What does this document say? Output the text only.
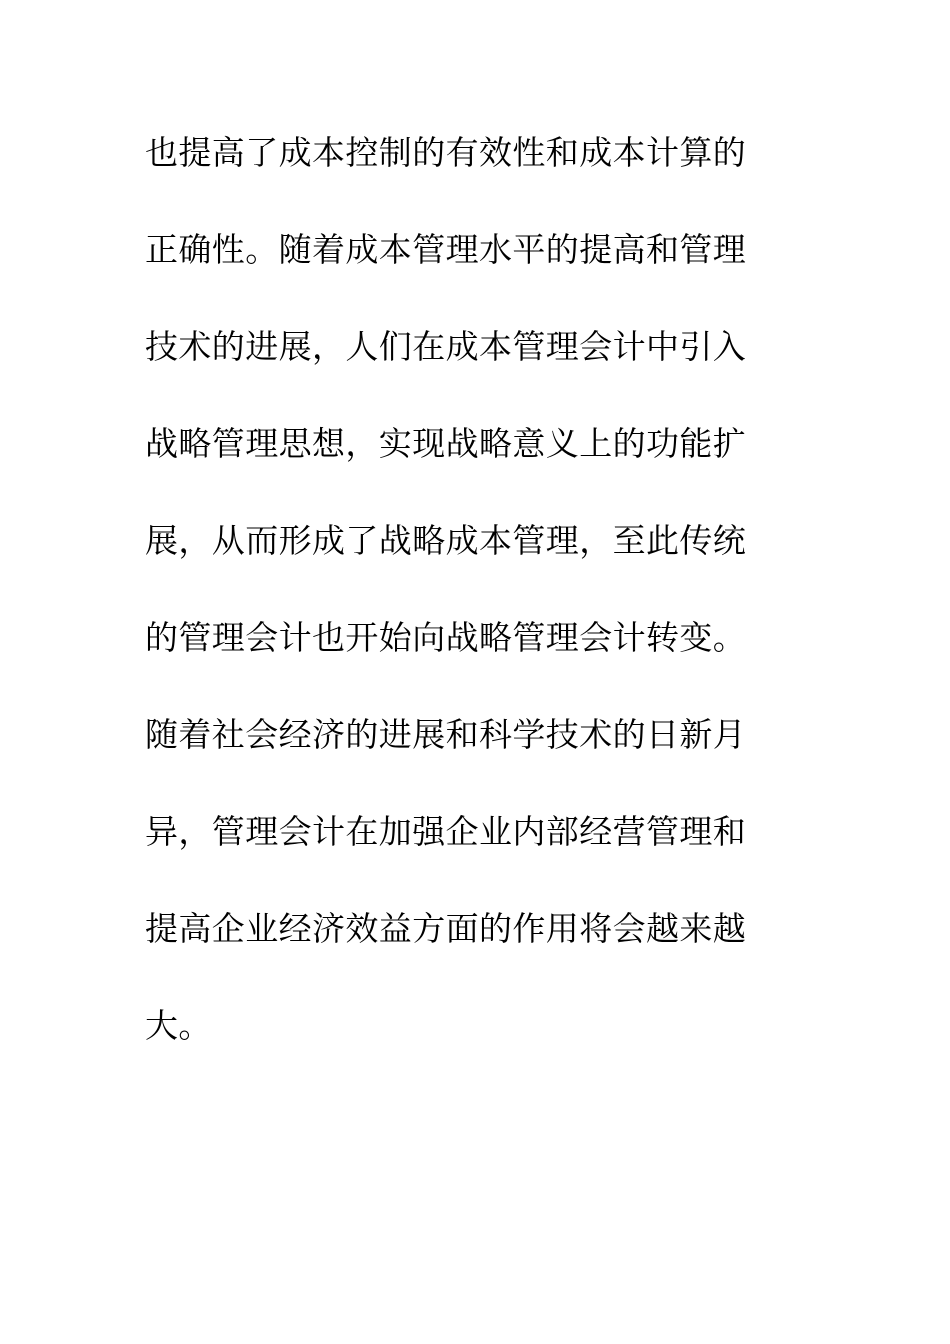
也提高了成本控制的有效性和成本计算的
正确性。随着成本管理水平的提高和管理
技术的进展，人们在成本管理会计中引入
战略管理思想，实现战略意义上的功能扩
展，从而形成了战略成本管理，至此传统
的管理会计也开始向战略管理会计转变。
随着社会经济的进展和科学技术的日新月
异，管理会计在加强企业内部经营管理和
提高企业经济效益方面的作用将会越来越
大。
